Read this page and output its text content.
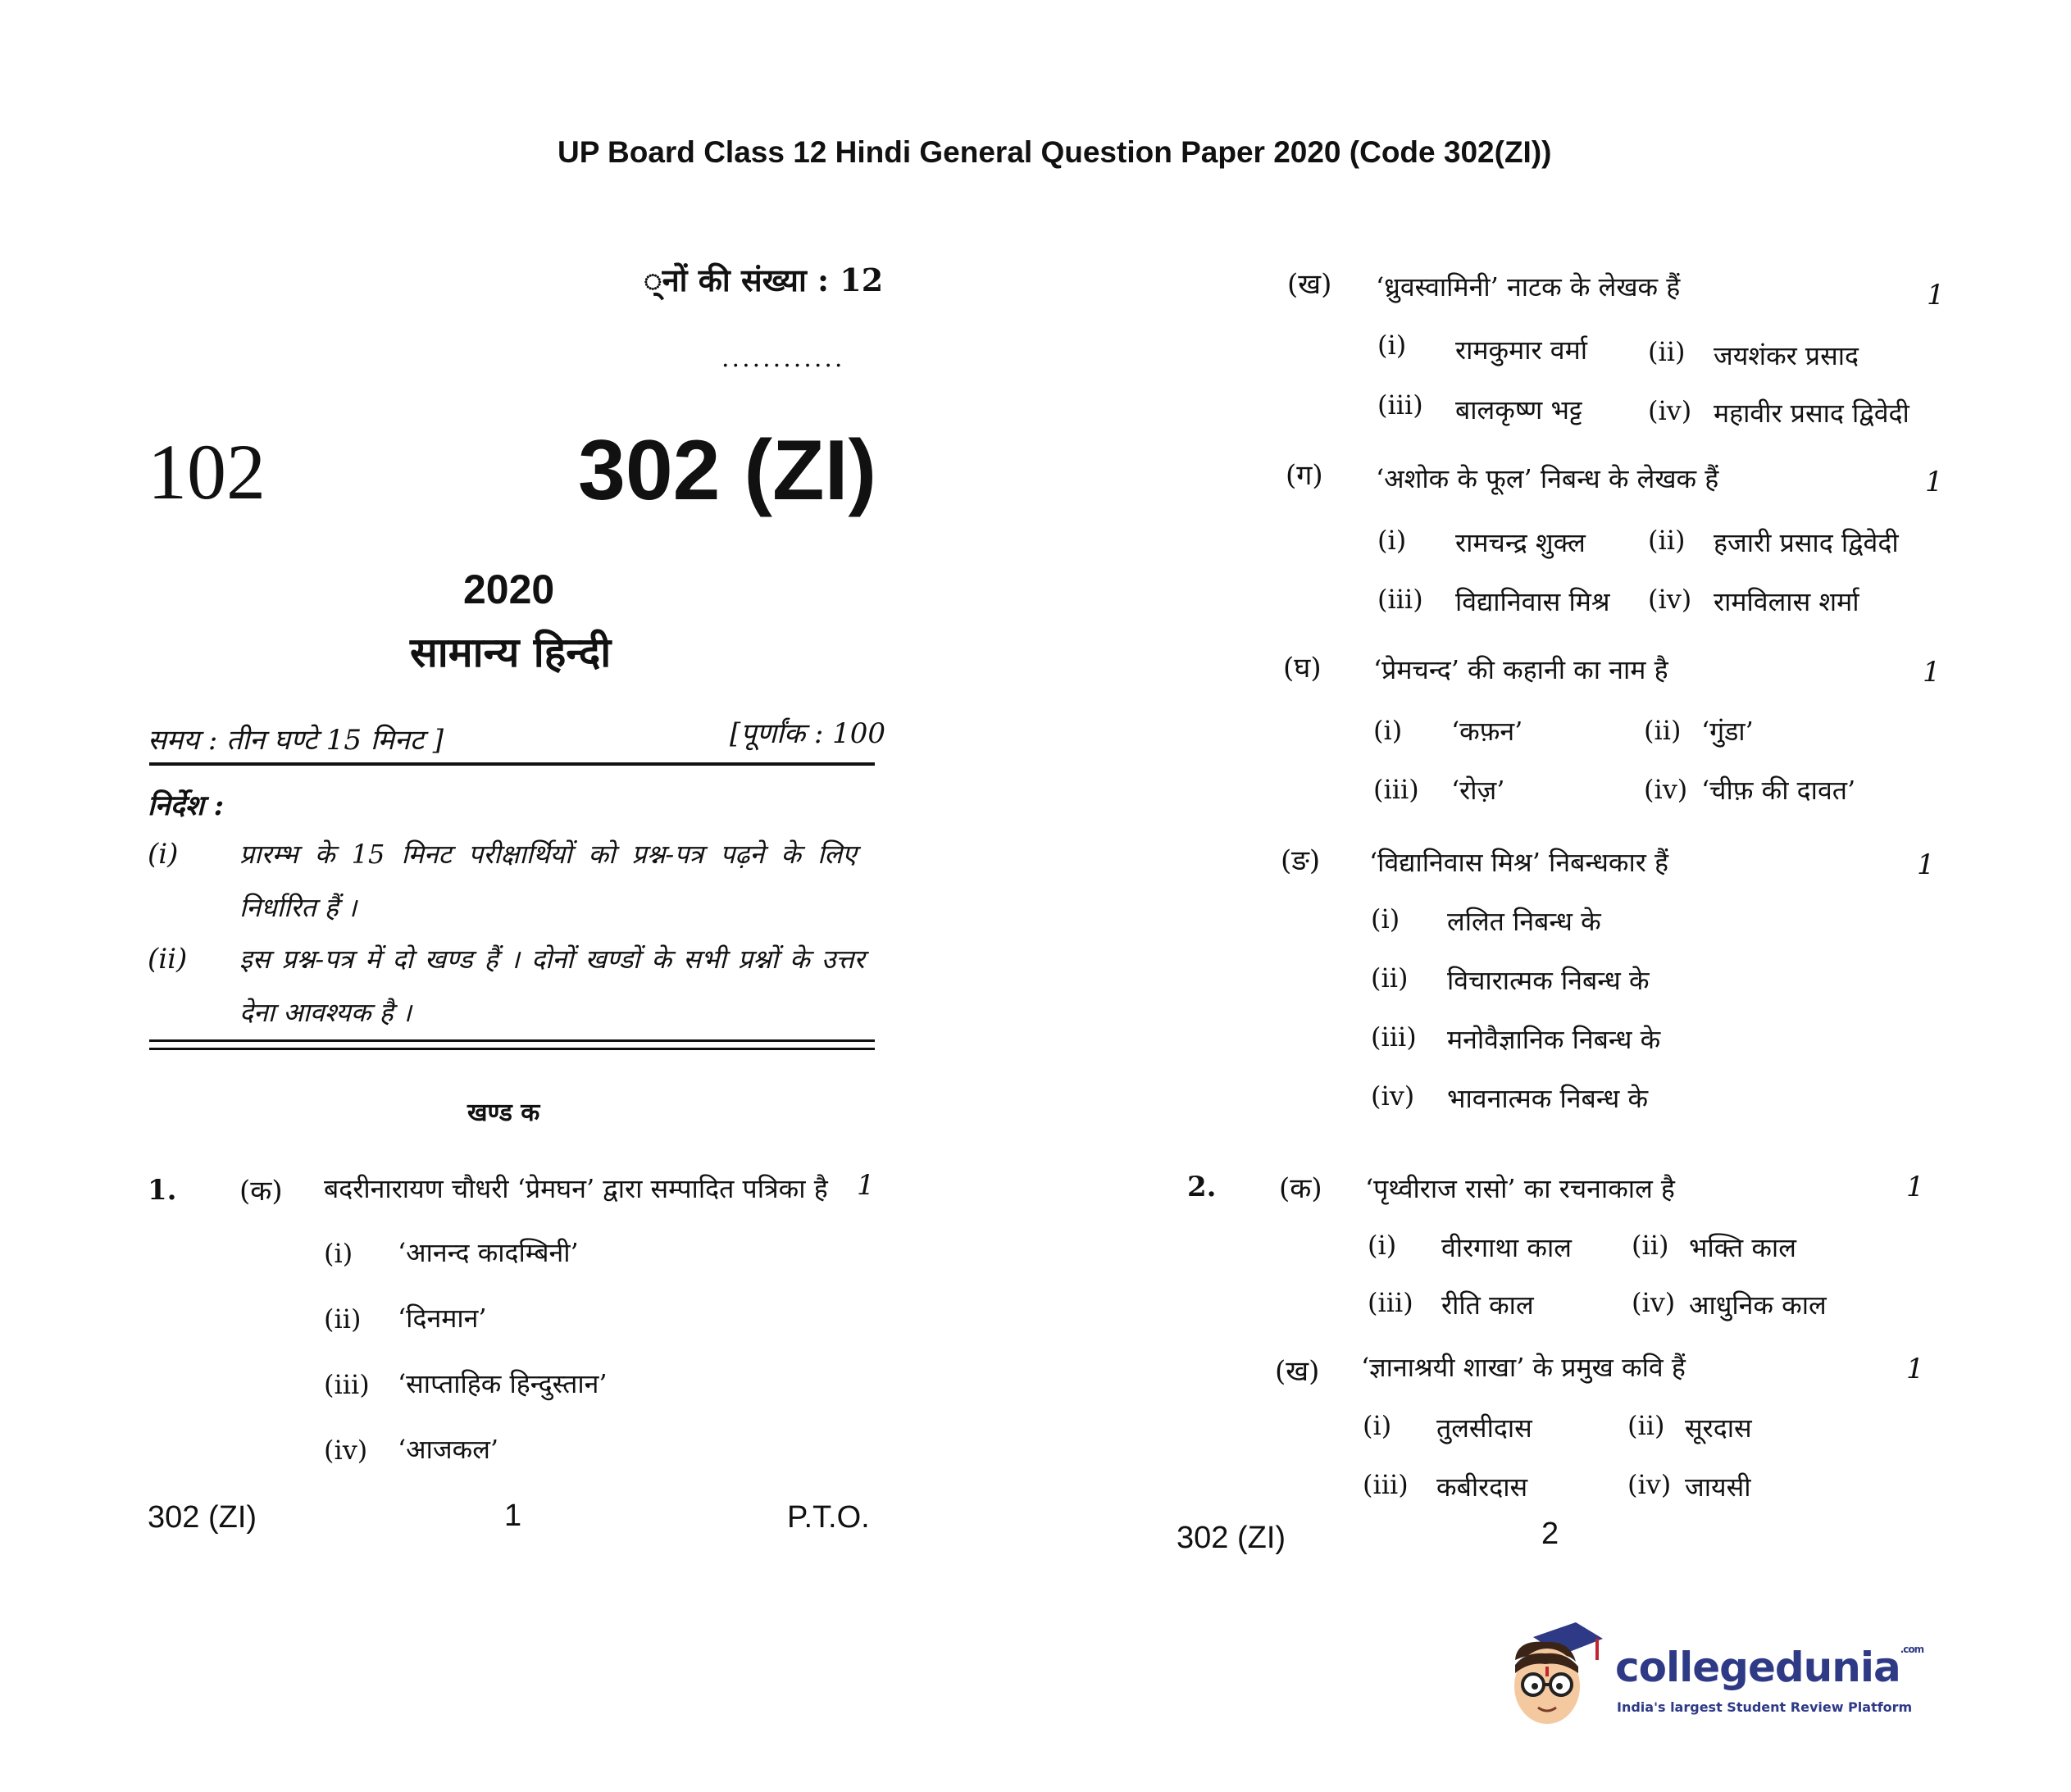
UP Board Class 12 Hindi General Question Paper 2020 (Code 302(ZI))
्नों की संख्या : 12
............
102	302 (ZI)
2020
सामान्य हिन्दी
समय : तीन घण्टे 15 मिनट ]	[पूर्णांक : 100
निर्देश :
(i) प्रारम्भ के 15 मिनट परीक्षार्थियों को प्रश्न-पत्र पढ़ने के लिए
निर्धारित हैं ।
(ii) इस प्रश्न-पत्र में दो खण्ड हैं । दोनों खण्डों के सभी प्रश्नों के उत्तर
देना आवश्यक है ।
खण्ड क
1. (क) बदरीनारायण चौधरी ‘प्रेमघन’ द्वारा सम्पादित पत्रिका है 1
(i) ‘आनन्द कादम्बिनी’
(ii) ‘दिनमान’
(iii) ‘साप्ताहिक हिन्दुस्तान’
(iv) ‘आजकल’
302 (ZI)	1	P.T.O.
(ख) ‘ध्रुवस्वामिनी’ नाटक के लेखक हैं	1
(i) रामकुमार वर्मा (ii) जयशंकर प्रसाद
(iii) बालकृष्ण भट्ट	(iv) महावीर प्रसाद द्विवेदी
(ग) ‘अशोक के फूल’ निबन्ध के लेखक हैं	1
(i) रामचन्द्र शुक्ल (ii) हजारी प्रसाद द्विवेदी
(iii) विद्यानिवास मिश्र (iv) रामविलास शर्मा
(घ) ‘प्रेमचन्द’ की कहानी का नाम है	1
(i) ‘कफ़न’	(ii) ‘गुंडा’
(iii) ‘रोज़’	(iv) ‘चीफ़ की दावत’
(ङ) ‘विद्यानिवास मिश्र’ निबन्धकार हैं	1
(i) ललित निबन्ध के
(ii) विचारात्मक निबन्ध के
(iii) मनोवैज्ञानिक निबन्ध के
(iv) भावनात्मक निबन्ध के
2. (क) ‘पृथ्वीराज रासो’ का रचनाकाल है	1
(i) वीरगाथा काल (ii) भक्ति काल
(iii) रीति काल	(iv) आधुनिक काल
(ख) ‘ज्ञानाश्रयी शाखा’ के प्रमुख कवि हैं	1
(i) तुलसीदास	(ii) सूरदास
(iii) कबीरदास	(iv) जायसी
302 (ZI)	2
collegedunia$^{.com}$
India's largest Student Review Platform
